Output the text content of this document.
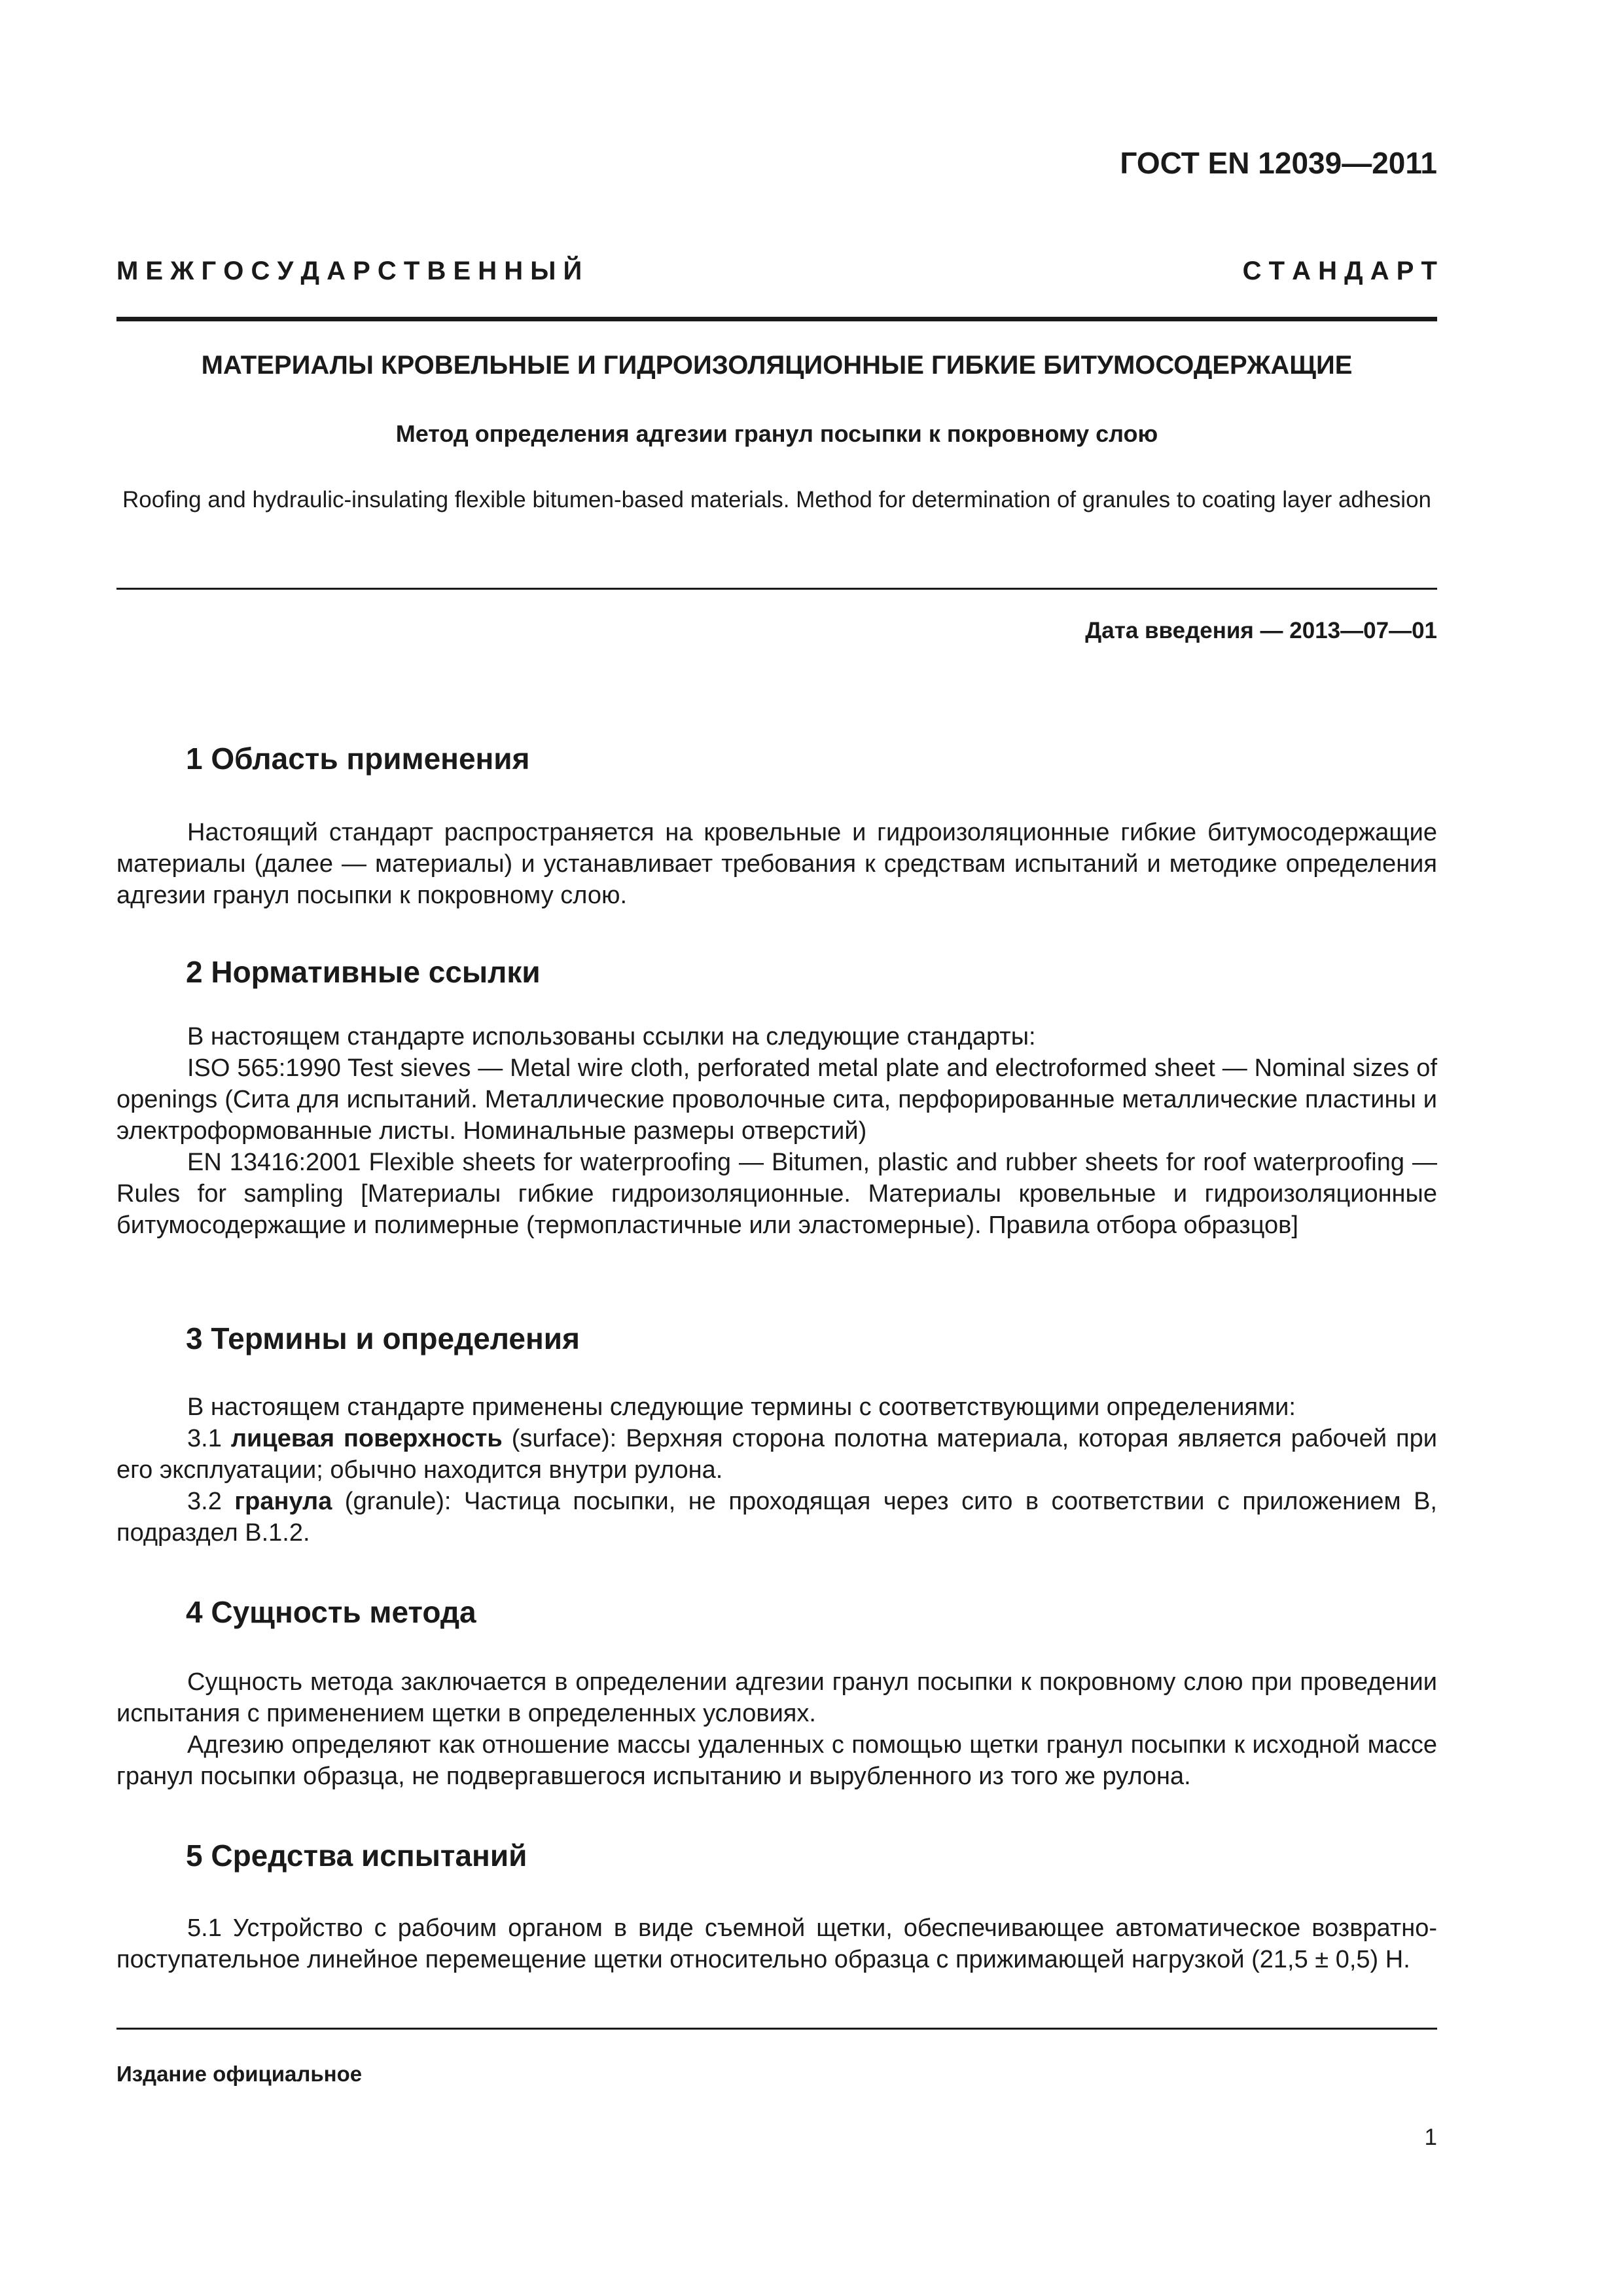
ГОСТ EN 12039—2011
М Е Ж Г О С У Д А Р С Т В Е Н Н Ы Й	С Т А Н Д А Р Т
МАТЕРИАЛЫ КРОВЕЛЬНЫЕ И ГИДРОИЗОЛЯЦИОННЫЕ ГИБКИЕ БИТУМОСОДЕРЖАЩИЕ
Метод определения адгезии гранул посыпки к покровному слою
Roofing and hydraulic-insulating flexible bitumen-based materials. Method for determination of granules to coating layer adhesion
Дата введения — 2013—07—01
1 Область применения

Настоящий стандарт распространяется на кровельные и гидроизоляционные гибкие битумосодержащие материалы (далее — материалы) и устанавливает требования к средствам испытаний и методике определения адгезии гранул посыпки к покровному слою.

2 Нормативные ссылки

В настоящем стандарте использованы ссылки на следующие стандарты:

ISO 565:1990 Test sieves — Metal wire cloth, perforated metal plate and electroformed sheet — Nominal sizes of openings (Сита для испытаний. Металлические проволочные сита, перфорированные металлические пластины и электроформованные листы. Номинальные размеры отверстий)

EN 13416:2001 Flexible sheets for waterproofing — Bitumen, plastic and rubber sheets for roof waterproofing — Rules for sampling [Материалы гибкие гидроизоляционные. Материалы кровельные и гидроизоляционные битумосодержащие и полимерные (термопластичные или эластомерные). Правила отбора образцов]

3 Термины и определения

В настоящем стандарте применены следующие термины с соответствующими определениями:

3.1 лицевая поверхность (surface): Верхняя сторона полотна материала, которая является рабочей при его эксплуатации; обычно находится внутри рулона.

3.2 гранула (granule): Частица посыпки, не проходящая через сито в соответствии с приложением В, подраздел В.1.2.

4 Сущность метода

Сущность метода заключается в определении адгезии гранул посыпки к покровному слою при проведении испытания с применением щетки в определенных условиях.

Адгезию определяют как отношение массы удаленных с помощью щетки гранул посыпки к исходной массе гранул посыпки образца, не подвергавшегося испытанию и вырубленного из того же рулона.

5 Средства испытаний

5.1 Устройство с рабочим органом в виде съемной щетки, обеспечивающее автоматическое возвратно-поступательное линейное перемещение щетки относительно образца с прижимающей нагрузкой (21,5 ± 0,5) Н.

Издание официальное
1
